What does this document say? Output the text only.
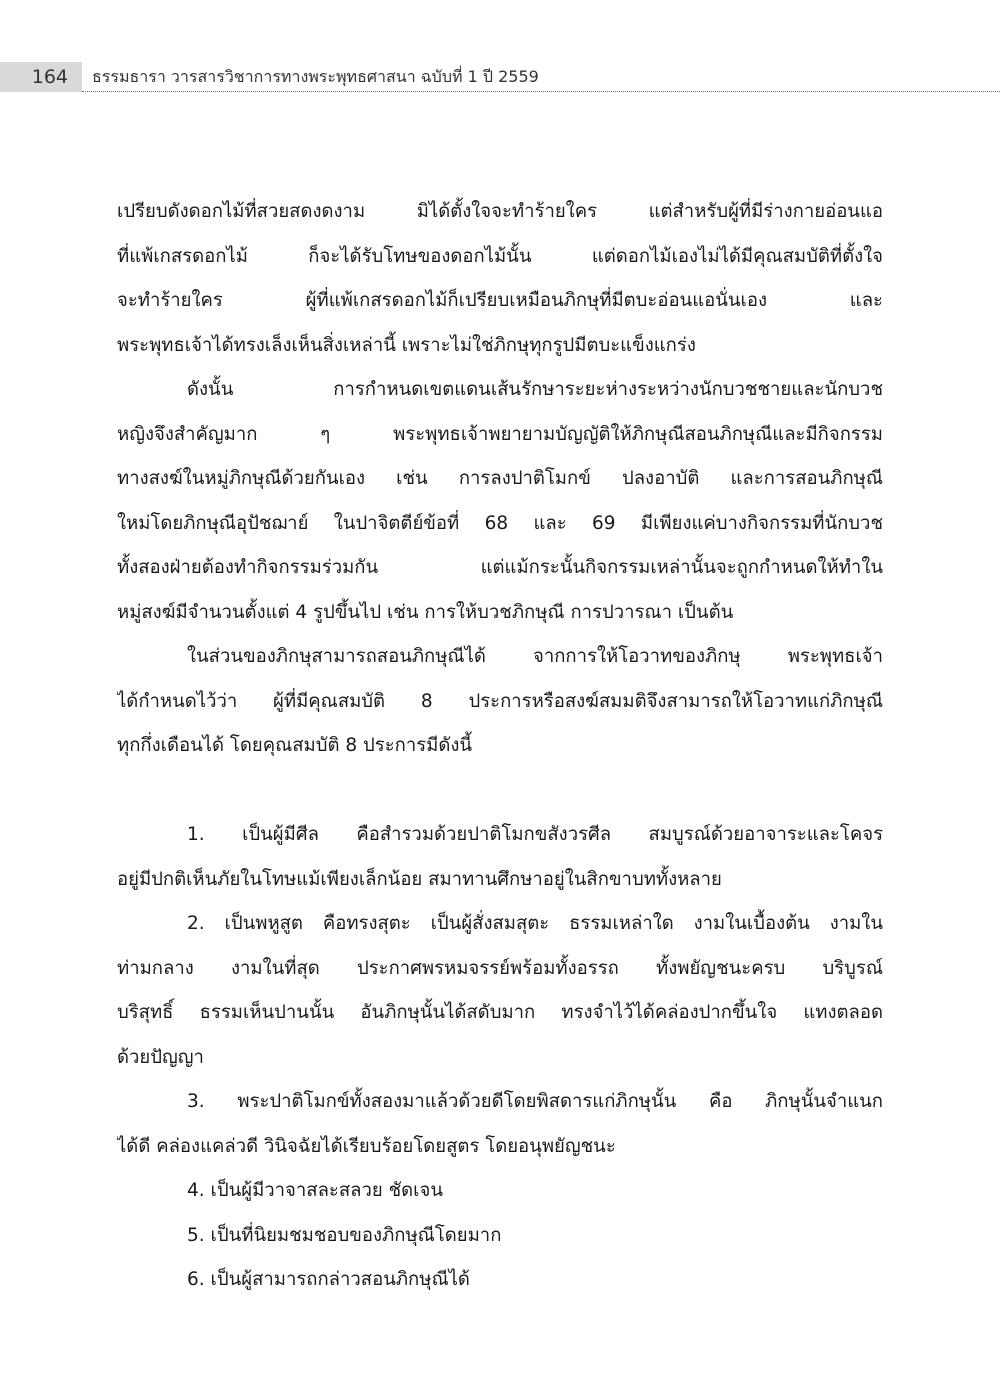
164	ธรรมธารา วารสารวิชาการทางพระพุทธศาสนา ฉบับที่ 1 ปี 2559
เปรียบดังดอกไม้ที่สวยสดงดงาม มิได้ตั้งใจจะทำร้ายใคร แต่สำหรับผู้ที่มีร่างกายอ่อนแอ
ที่แพ้เกสรดอกไม้ ก็จะได้รับโทษของดอกไม้นั้น แต่ดอกไม้เองไม่ได้มีคุณสมบัติที่ตั้งใจ
จะทำร้ายใคร ผู้ที่แพ้เกสรดอกไม้ก็เปรียบเหมือนภิกษุที่มีตบะอ่อนแอนั่นเอง และ
พระพุทธเจ้าได้ทรงเล็งเห็นสิ่งเหล่านี้ เพราะไม่ใช่ภิกษุทุกรูปมีตบะแข็งแกร่ง
ดังนั้น การกำหนดเขตแดนเส้นรักษาระยะห่างระหว่างนักบวชชายและนักบวช
หญิงจึงสำคัญมาก ๆ พระพุทธเจ้าพยายามบัญญัติให้ภิกษุณีสอนภิกษุณีและมีกิจกรรม
ทางสงฆ์ในหมู่ภิกษุณีด้วยกันเอง เช่น การลงปาติโมกข์ ปลงอาบัติ และการสอนภิกษุณี
ใหม่โดยภิกษุณีอุปัชฌาย์ ในปาจิตตีย์ข้อที่ 68 และ 69 มีเพียงแค่บางกิจกรรมที่นักบวช
ทั้งสองฝ่ายต้องทำกิจกรรมร่วมกัน แต่แม้กระนั้นกิจกรรมเหล่านั้นจะถูกกำหนดให้ทำใน
หมู่สงฆ์มีจำนวนตั้งแต่ 4 รูปขึ้นไป เช่น การให้บวชภิกษุณี การปวารณา เป็นต้น
ในส่วนของภิกษุสามารถสอนภิกษุณีได้ จากการให้โอวาทของภิกษุ พระพุทธเจ้า
ได้กำหนดไว้ว่า ผู้ที่มีคุณสมบัติ 8 ประการหรือสงฆ์สมมติจึงสามารถให้โอวาทแก่ภิกษุณี
ทุกกึ่งเดือนได้ โดยคุณสมบัติ 8 ประการมีดังนี้
1. เป็นผู้มีศีล คือสำรวมด้วยปาติโมกขสังวรศีล สมบูรณ์ด้วยอาจาระและโคจร
อยู่มีปกติเห็นภัยในโทษแม้เพียงเล็กน้อย สมาทานศึกษาอยู่ในสิกขาบททั้งหลาย
2. เป็นพหูสูต คือทรงสุตะ เป็นผู้สั่งสมสุตะ ธรรมเหล่าใด งามในเบื้องต้น งามใน
ท่ามกลาง งามในที่สุด ประกาศพรหมจรรย์พร้อมทั้งอรรถ ทั้งพยัญชนะครบ บริบูรณ์
บริสุทธิ์ ธรรมเห็นปานนั้น อันภิกษุนั้นได้สดับมาก ทรงจำไว้ได้คล่องปากขึ้นใจ แทงตลอด
ด้วยปัญญา
3. พระปาติโมกข์ทั้งสองมาแล้วด้วยดีโดยพิสดารแก่ภิกษุนั้น คือ ภิกษุนั้นจำแนก
ได้ดี คล่องแคล่วดี วินิจฉัยได้เรียบร้อยโดยสูตร โดยอนุพยัญชนะ
4. เป็นผู้มีวาจาสละสลวย ชัดเจน
5. เป็นที่นิยมชมชอบของภิกษุณีโดยมาก
6. เป็นผู้สามารถกล่าวสอนภิกษุณีได้
